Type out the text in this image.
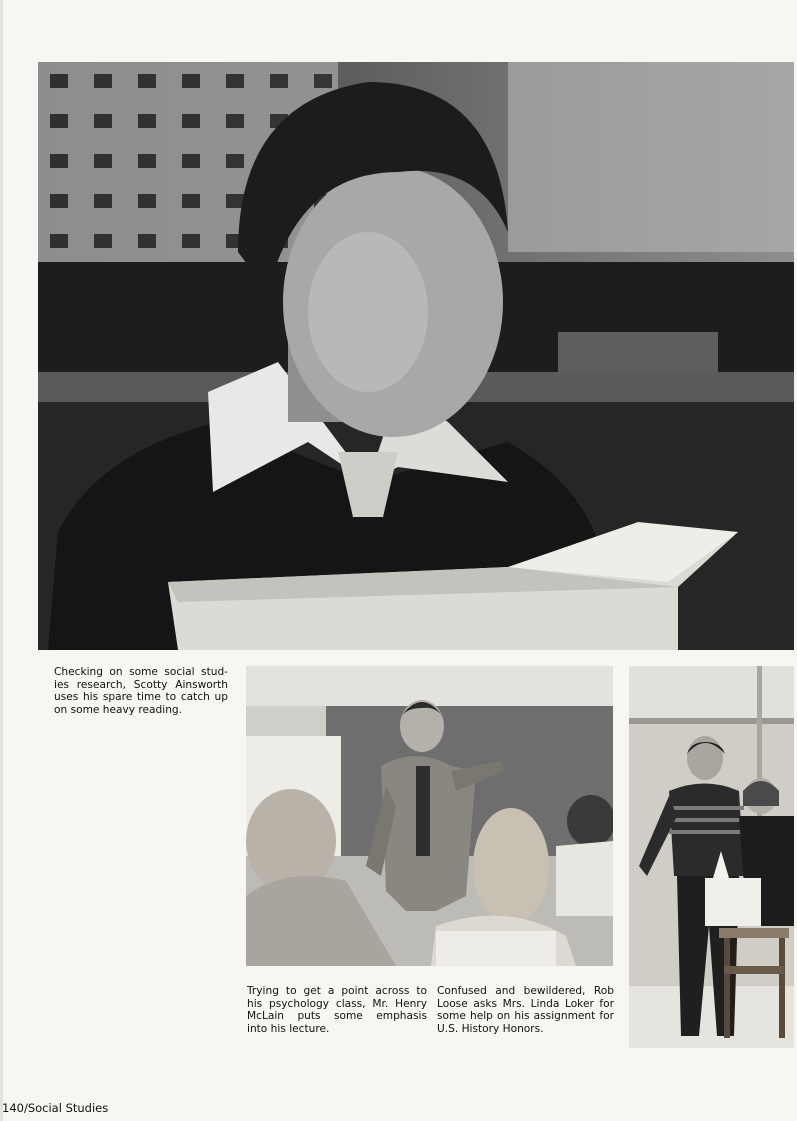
Checking on some social stud-
ies research, Scotty Ainsworth
uses his spare time to catch up
on some heavy reading.

Trying to get a point across to
his psychology class, Mr. Henry
McLain puts some emphasis
into his lecture.

Confused and bewildered, Rob
Loose asks Mrs. Linda Loker for
some help on his assignment for
U.S. History Honors.

140/Social Studies
